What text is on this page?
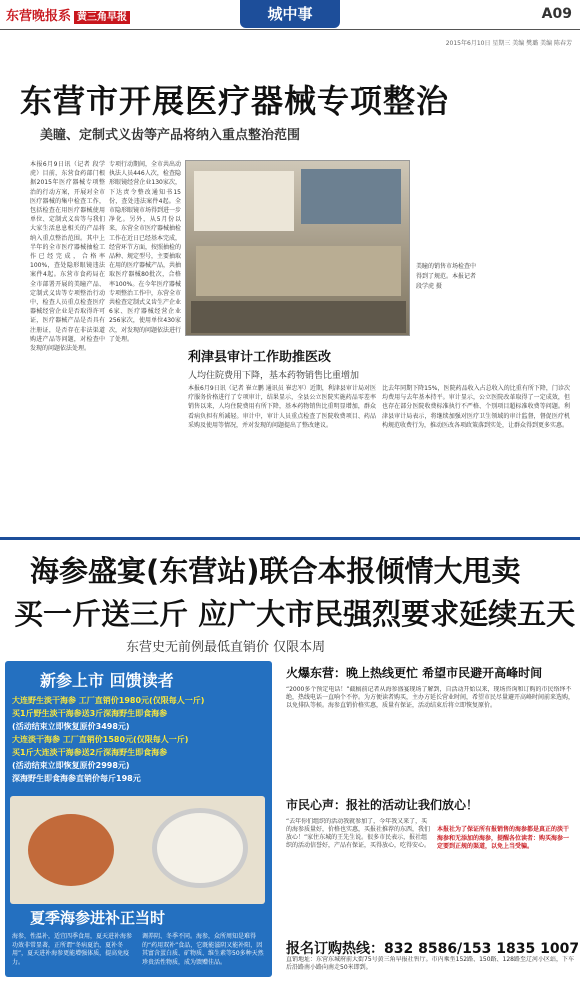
东营晚报系 黄三角早报	城中事	A09
2015年6月10日 星期三 美编 樊璐 美编 陈春芳
东营市开展医疗器械专项整治
美瞳、定制式义齿等产品将纳入重点整治范围
本报6月9日讯（记者 段学虎）目前，东营食药部门根据2015年医疗器械专项整治的行动方案，开展对全市医疗器械的集中检查工作，包括检查在用医疗器械使用单位、定制式义齿等与我们大家生活息息相关的产品将纳入重点整治范围。其中上半年的全市医疗器械抽检工作已经完成，合格率100%，查处隐形眼镜违法案件4起。东营市食药局在全市部署开展的美瞳产品、定制式义齿等专项整治行动中，检查人员重点检查医疗器械经营企业是否取得许可证，医疗器械产品是否具有注册证，是否存在非法渠道购进产品等问题，对检查中发现的问题依法处理。
专项行动期间，全市共出动执法人员446人次，检查隐形眼镜经营企业130家次，下达责令整改通知书15份，查处违法案件4起。全市隐形眼镜市场得到进一步净化。另外，从5月份以来，东营全市医疗器械抽检工作在近日已经基本完成，经营环节方面，按照抽检的品种、规定型号，主要抽取在用的医疗器械产品，共抽取医疗器械80批次，合格率100%。在今年医疗器械专项整治工作中，东营全市共检查定制式义齿生产企业6家、医疗器械经营企业256家次，使用单位430家次，对发现的问题依法进行了处理。
美瞳的销售市场检查中得到了规范。本报记者 段学虎 摄
利津县审计工作助推医改
人均住院费用下降，基本药物销售比重增加
本报6月9日讯（记者 崔立鹏 通讯员 崔忠军）近期，利津县审计局对医疗服务价格进行了专项审计，结果显示，全县公立医院实施药品零差率销售以来，人均住院费用有所下降，基本药物销售比重明显增加，群众看病负担有所减轻。审计中，审计人员重点检查了医院收费项目、药品采购及使用等情况，并对发现的问题提出了整改建议。
比去年同期下降15%，医院药品收入占总收入的比重有所下降，门诊次均费用与去年基本持平。审计显示，公立医院改革取得了一定成效，但也存在部分医院收费标准执行不严格、个别项目超标准收费等问题。利津县审计局表示，将继续加强对医疗卫生领域的审计监督，督促医疗机构规范收费行为，推动医改各项政策落到实处，让群众得到更多实惠。
海参盛宴(东营站)联合本报倾情大甩卖
买一斤送三斤 应广大市民强烈要求延续五天
东营史无前例最低直销价 仅限本周
新参上市 回馈读者
大连野生淡干海参 工厂直销价1980元(仅限每人一斤)
买1斤野生淡干海参送3斤深海野生即食海参
(活动结束立即恢复原价3498元)
大连淡干海参 工厂直销价1580元(仅限每人一斤)
买1斤大连淡干海参送2斤深海野生即食海参
(活动结束立即恢复原价2998元)
深海野生即食海参直销价每斤198元
夏季海参进补正当时
海参，性温补，适宜四季食用，夏天进补海参功效非常显著，正所谓“冬病夏治，夏补冬用”，夏天进补海参更能增强体质，提高免疫力。
调养阴、冬季不同。海参，众所周知是难得的“药用双补”食品，它既能滋阴又能补阳，因其富含蛋白质、矿物质、维生素等50多种天然珍贵活性物质，成为馈赠佳品。
火爆东营：晚上热线更忙 希望市民避开高峰时间
“2000多个预定电话！”截稿前记者从海参盛宴现场了解到，自活动开始以来，现场咨询和订购的市民络绎不绝，热线电话一直响个不停。为方便读者购买，主办方延长营业时间，希望市民尽量避开高峰时间前来选购，以免排队等候。海参直销价格实惠，质量有保证，活动结束后将立即恢复原价。
市民心声：报社的活动让我们放心！
“去年你们组织的活动我就参加了，今年我又来了，买的海参质量好，价格也实惠，买报社推荐的东西，我们放心！”家住东城的王先生说。很多市民表示，报社组织的活动信誉好，产品有保证，买得放心，吃得安心。
本报社为了保证所有报销售的海参都是真正的淡干海参和无添加的海参，提醒各位读者：购买海参一定要到正规的渠道，以免上当受骗。
报名订购热线：832 8586/153 1835 1007
直销地址：东营东城府前大街75号黄三角早报社售厅。市内乘坐152路、150路、128路至辽河小区站，下车后沿路南小路向南走50米即到。
